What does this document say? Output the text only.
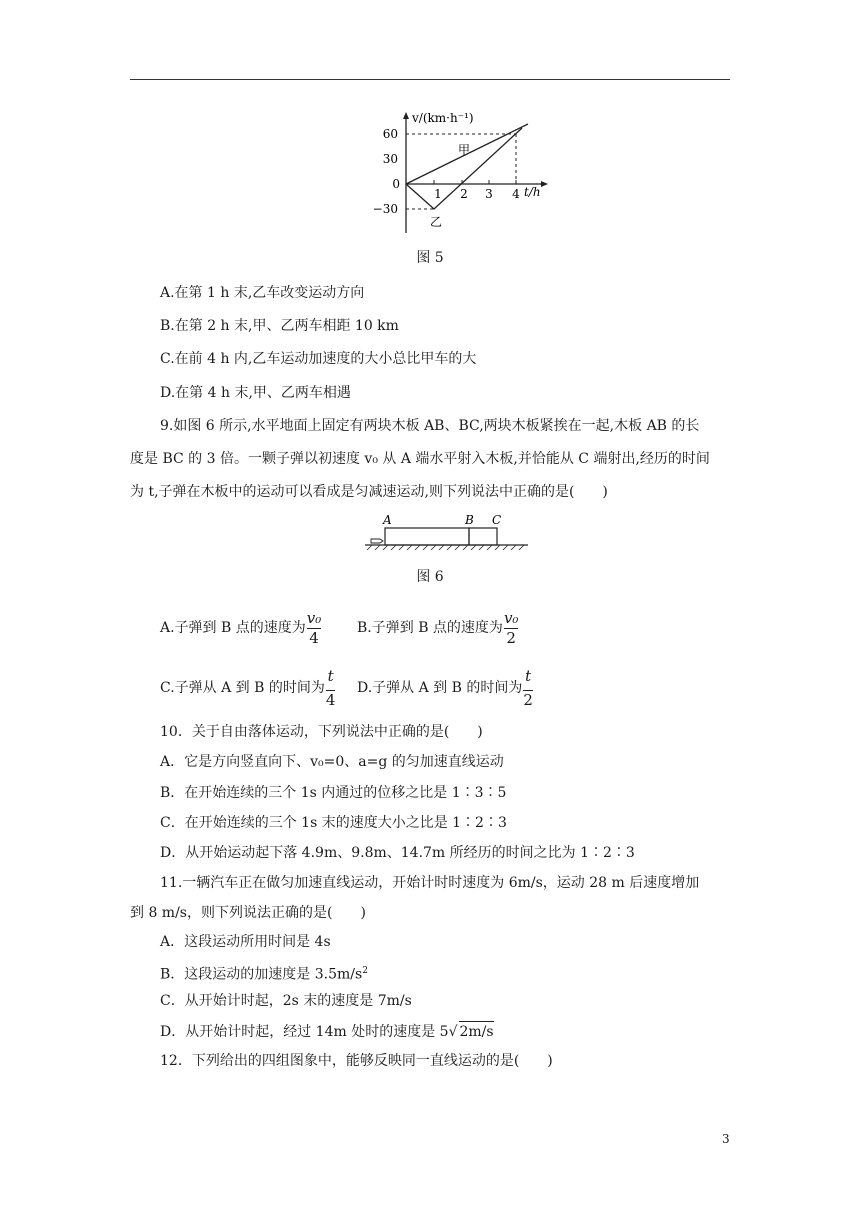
v/(km·h⁻¹)
t/h
60
30
0
−30
1 2 3 4
甲
乙
图 5
A.在第 1 h 末,乙车改变运动方向
B.在第 2 h 末,甲、乙两车相距 10 km
C.在前 4 h 内,乙车运动加速度的大小总比甲车的大
D.在第 4 h 末,甲、乙两车相遇
9.如图 6 所示,水平地面上固定有两块木板 AB、BC,两块木板紧挨在一起,木板 AB 的长
度是 BC 的 3 倍。一颗子弹以初速度 v₀ 从 A 端水平射入木板,并恰能从 C 端射出,经历的时间
为 t,子弹在木板中的运动可以看成是匀减速运动,则下列说法中正确的是(　　)
A	B C
图 6
A.子弹到 B 点的速度为 $\frac{\text{v₀}}{4}$	B.子弹到 B 点的速度为 $\frac{\text{v₀}}{2}$
C.子弹从 A 到 B 的时间为 $\frac{t}{4} D$.子弹从 A 到 B 的时间为 $\frac{t}{2}$
10．关于自由落体运动，下列说法中正确的是(　　)
A．它是方向竖直向下、v₀=0、a=g 的匀加速直线运动
B．在开始连续的三个 1s 内通过的位移之比是 1∶3∶5
C．在开始连续的三个 1s 末的速度大小之比是 1∶2∶3
D．从开始运动起下落 4.9m、9.8m、14.7m 所经历的时间之比为 1∶2∶3
11.一辆汽车正在做匀加速直线运动，开始计时时速度为 6m/s，运动 28 m 后速度增加
到 8 m/s，则下列说法正确的是(　　)
A．这段运动所用时间是 4s
B．这段运动的加速度是 $3.5m/s^2$
C．从开始计时起，2s 末的速度是 7m/s
D．从开始计时起，经过 14m 处时的速度是 5√ 2m/s
12．下列给出的四组图象中，能够反映同一直线运动的是(　　)
3
